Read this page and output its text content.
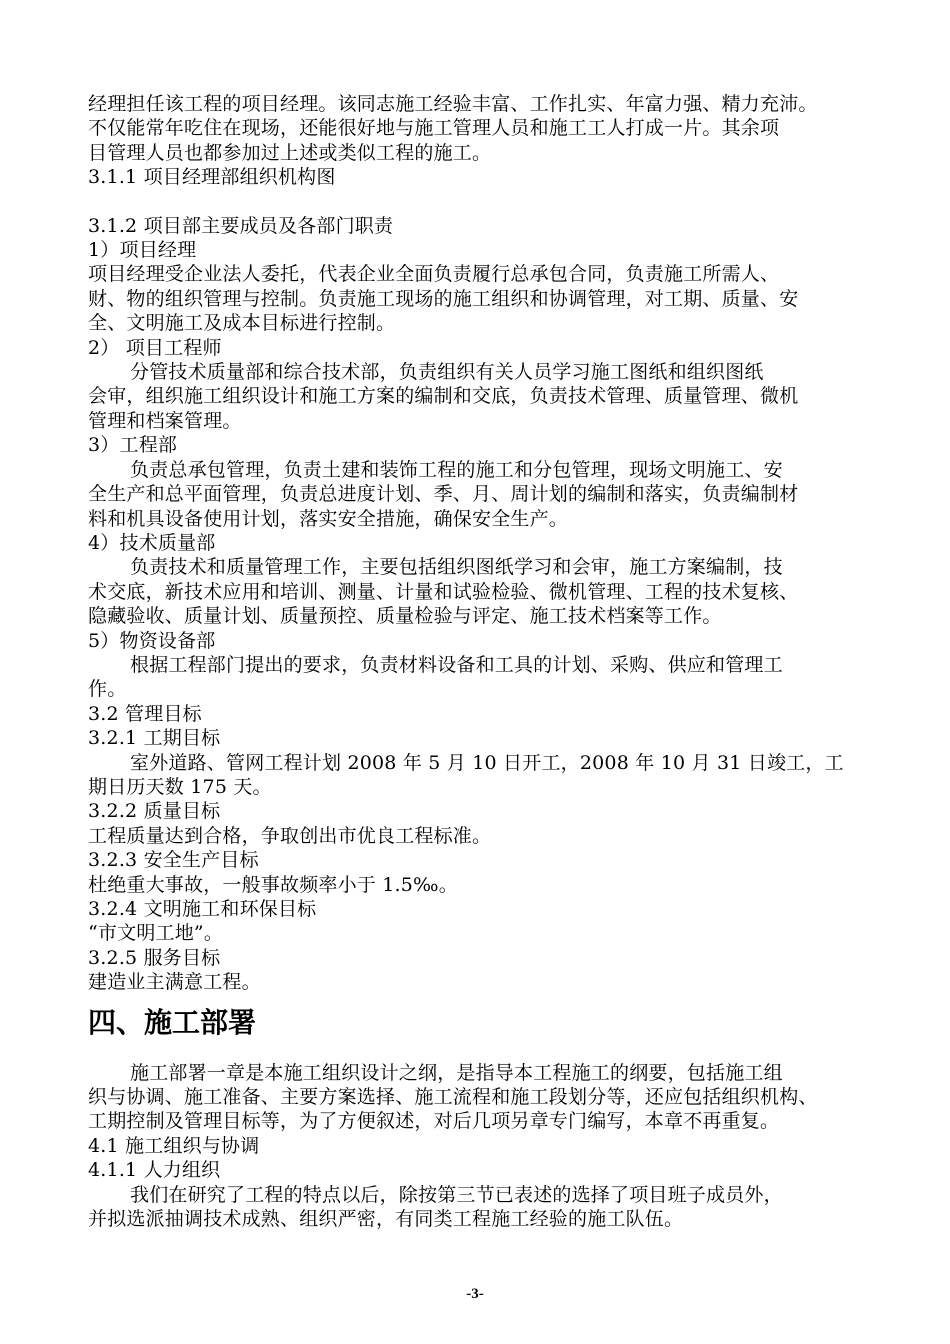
经理担任该工程的项目经理。该同志施工经验丰富、工作扎实、年富力强、精力充沛。
不仅能常年吃住在现场，还能很好地与施工管理人员和施工工人打成一片。其余项
目管理人员也都参加过上述或类似工程的施工。
3.1.1 项目经理部组织机构图
3.1.2 项目部主要成员及各部门职责
1）项目经理
项目经理受企业法人委托，代表企业全面负责履行总承包合同，负责施工所需人、
财、物的组织管理与控制。负责施工现场的施工组织和协调管理，对工期、质量、安
全、文明施工及成本目标进行控制。
2） 项目工程师
分管技术质量部和综合技术部，负责组织有关人员学习施工图纸和组织图纸
会审，组织施工组织设计和施工方案的编制和交底，负责技术管理、质量管理、微机
管理和档案管理。
3）工程部
负责总承包管理，负责土建和装饰工程的施工和分包管理，现场文明施工、安
全生产和总平面管理，负责总进度计划、季、月、周计划的编制和落实，负责编制材
料和机具设备使用计划，落实安全措施，确保安全生产。
4）技术质量部
负责技术和质量管理工作，主要包括组织图纸学习和会审，施工方案编制，技
术交底，新技术应用和培训、测量、计量和试验检验、微机管理、工程的技术复核、
隐藏验收、质量计划、质量预控、质量检验与评定、施工技术档案等工作。
5）物资设备部
根据工程部门提出的要求，负责材料设备和工具的计划、采购、供应和管理工
作。
3.2 管理目标
3.2.1 工期目标
室外道路、管网工程计划 2008 年 5 月 10 日开工，2008 年 10 月 31 日竣工，工
期日历天数 175 天。
3.2.2 质量目标
工程质量达到合格，争取创出市优良工程标准。
3.2.3 安全生产目标
杜绝重大事故，一般事故频率小于 1.5‰。
3.2.4 文明施工和环保目标
“市文明工地”。
3.2.5 服务目标
建造业主满意工程。
四、施工部署
施工部署一章是本施工组织设计之纲，是指导本工程施工的纲要，包括施工组
织与协调、施工准备、主要方案选择、施工流程和施工段划分等，还应包括组织机构、
工期控制及管理目标等，为了方便叙述，对后几项另章专门编写，本章不再重复。
4.1 施工组织与协调
4.1.1 人力组织
我们在研究了工程的特点以后，除按第三节已表述的选择了项目班子成员外，
并拟选派抽调技术成熟、组织严密，有同类工程施工经验的施工队伍。
-3-
